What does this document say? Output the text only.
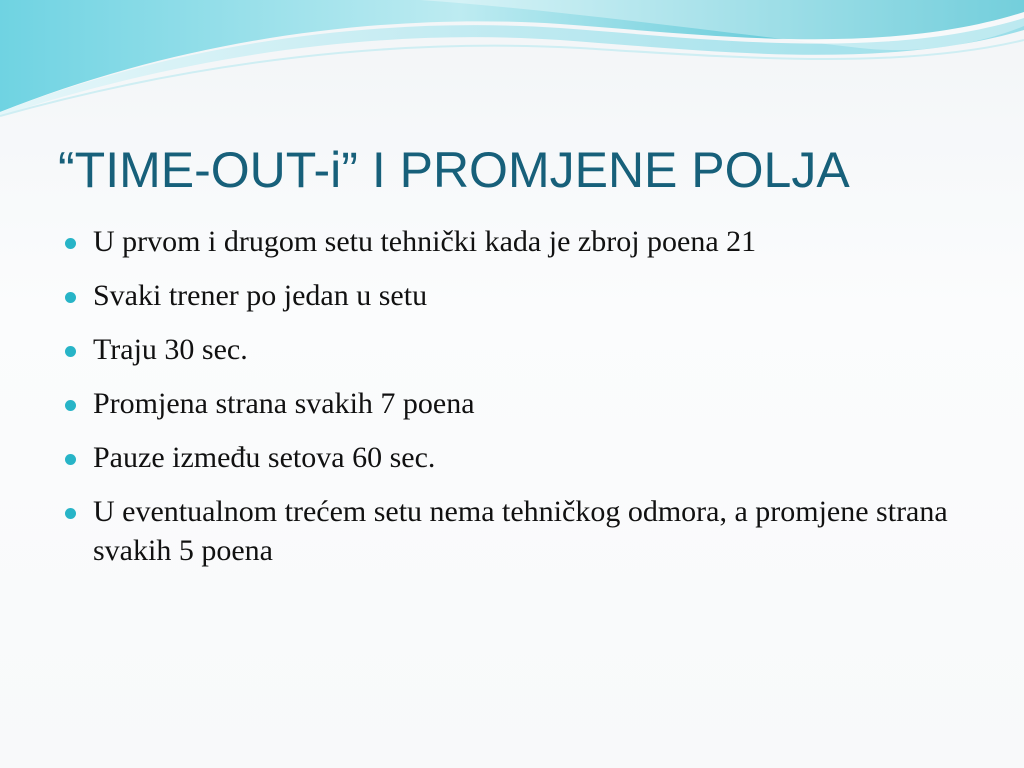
“TIME-OUT-i” I PROMJENE POLJA
U prvom i drugom setu tehnički kada je zbroj poena 21
Svaki trener po jedan u setu
Traju 30 sec.
Promjena strana svakih 7 poena
Pauze između setova 60 sec.
U eventualnom trećem setu nema tehničkog odmora, a promjene strana svakih 5 poena
